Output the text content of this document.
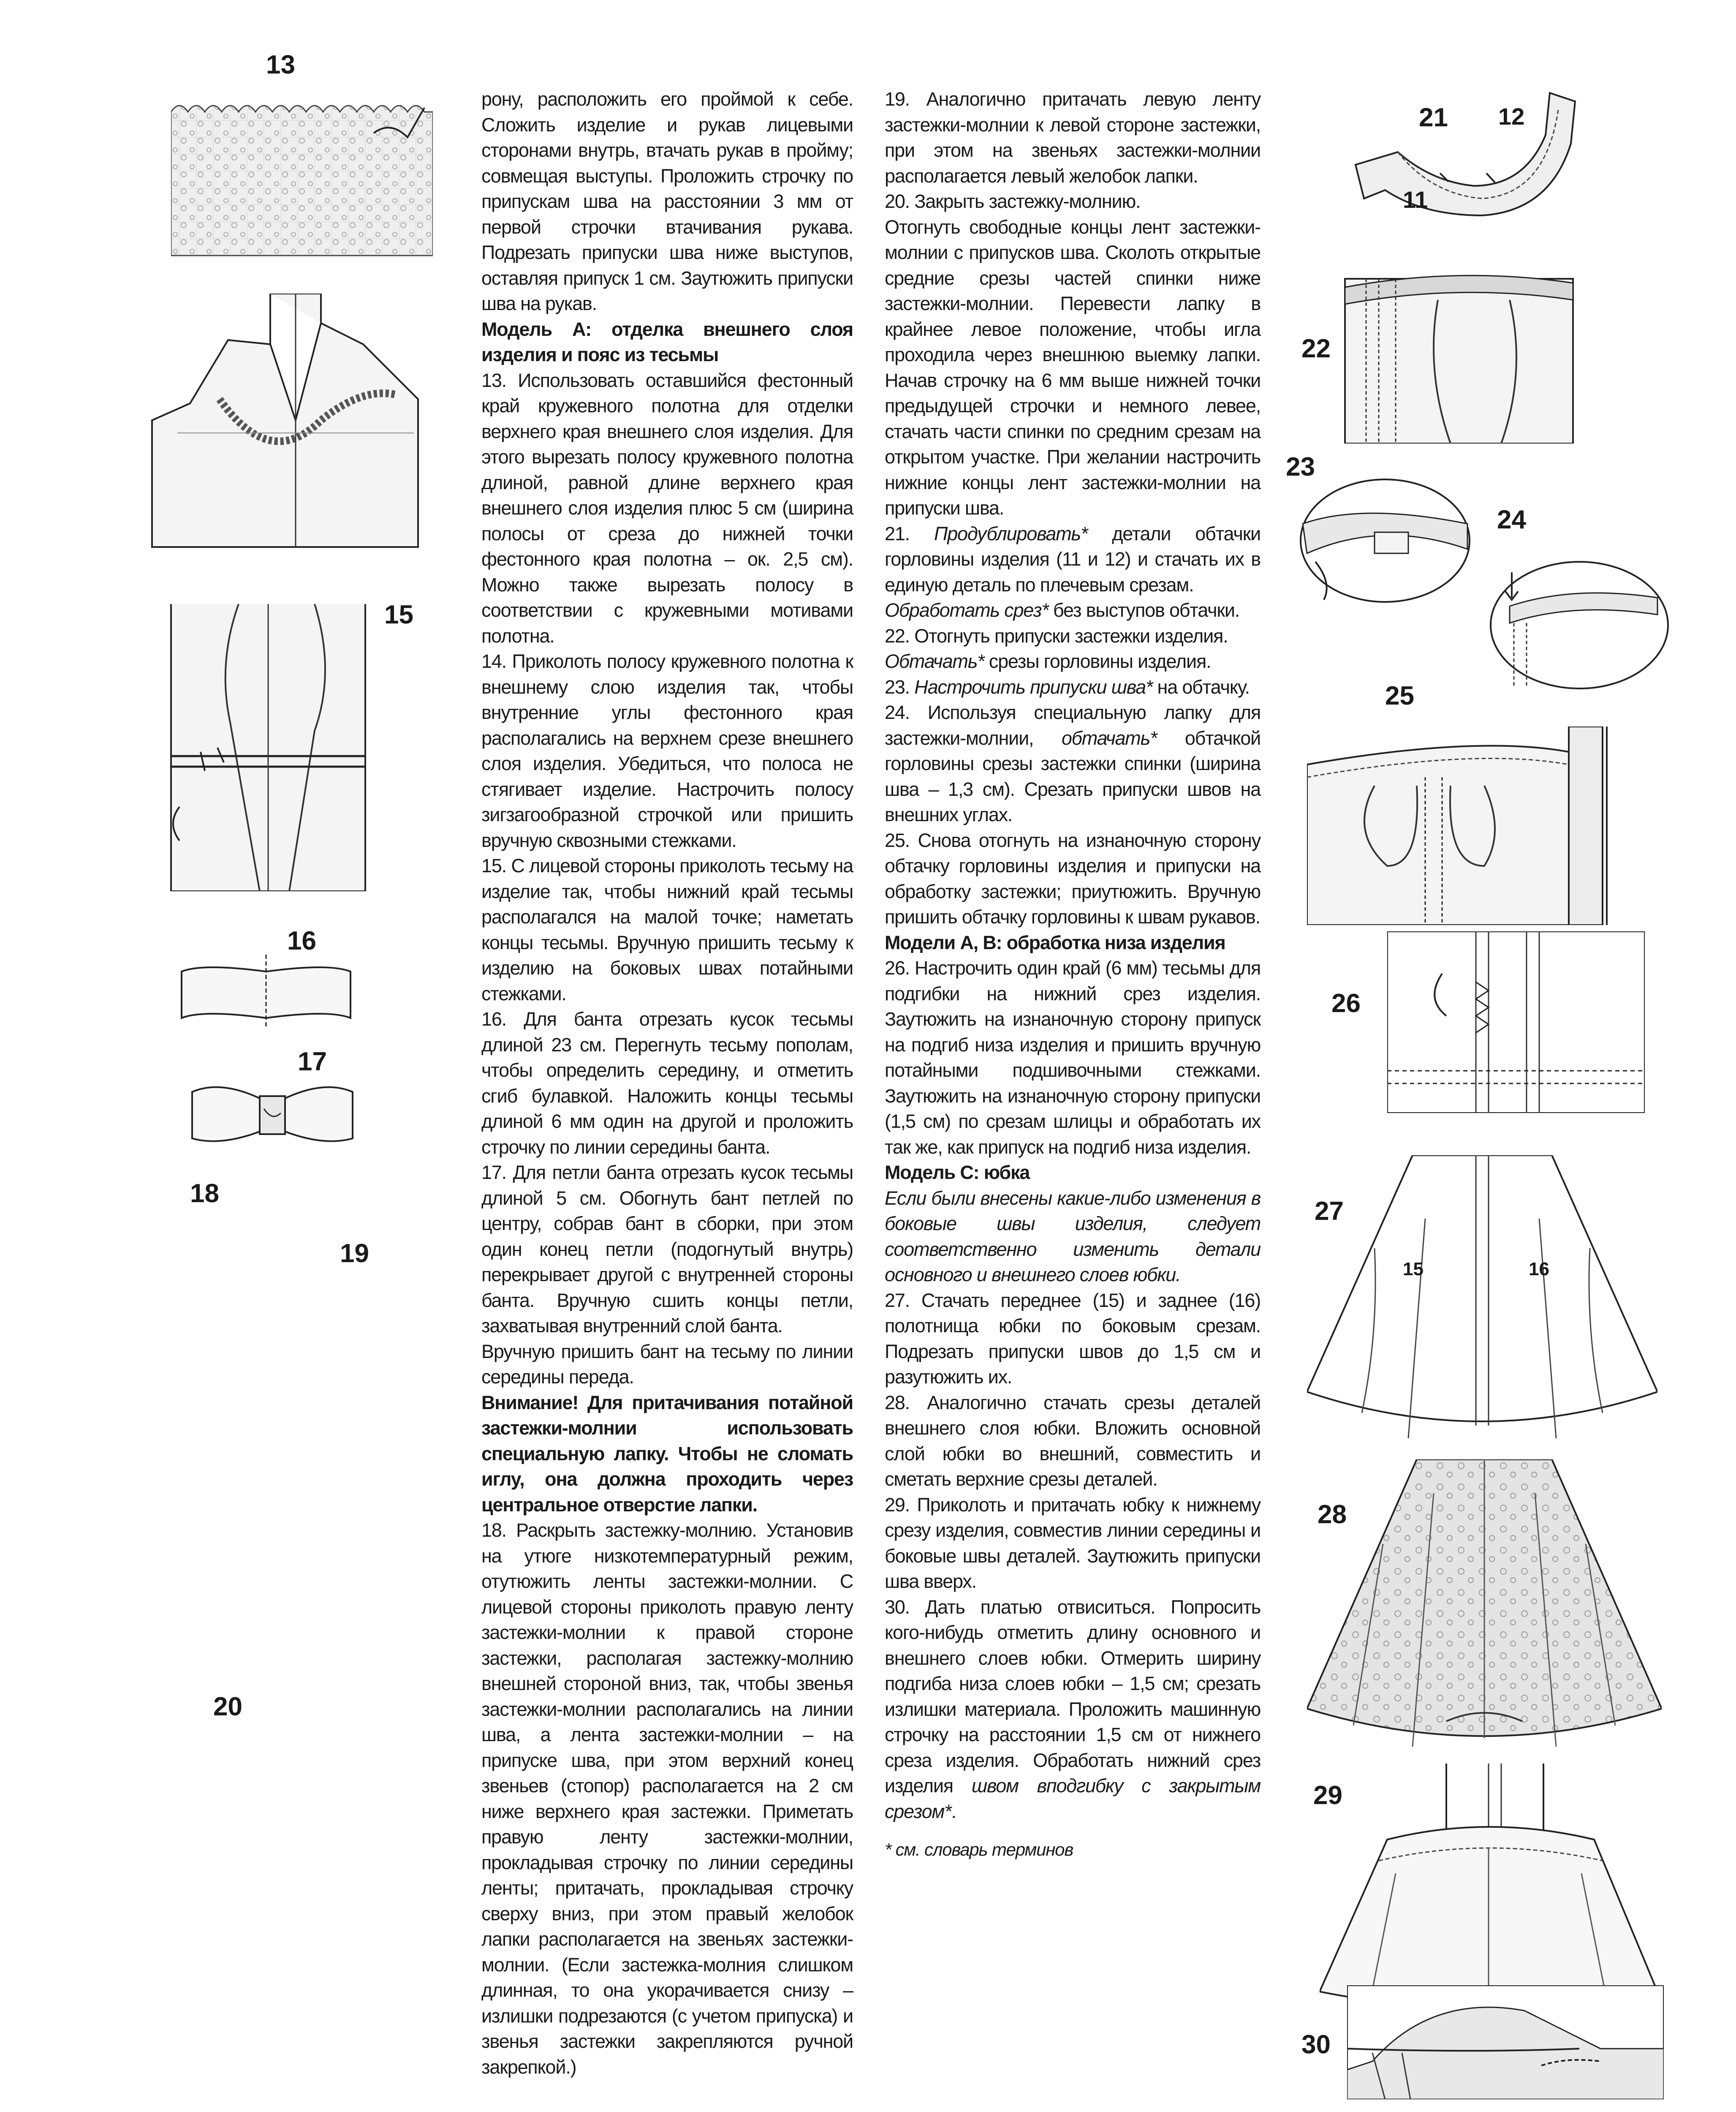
рону, расположить его проймой к себе. Сложить изделие и рукав лицевыми сторонами внутрь, втачать рукав в пройму; совмещая выступы. Проложить строчку по припускам шва на расстоянии 3 мм от первой строчки втачивания рукава. Подрезать припуски шва ниже выступов, оставляя припуск 1 см. Заутюжить припуски шва на рукав.

Модель А: отделка внешнего слоя изделия и пояс из тесьмы

13. Использовать оставшийся фестонный край кружевного полотна для отделки верхнего края внешнего слоя изделия. Для этого вырезать полосу кружевного полотна длиной, равной длине верхнего края внешнего слоя изделия плюс 5 см (ширина полосы от среза до нижней точки фестонного края полотна – ок. 2,5 см). Можно также вырезать полосу в соответствии с кружевными мотивами полотна.

14. Приколоть полосу кружевного полотна к внешнему слою изделия так, чтобы внутренние углы фестонного края располагались на верхнем срезе внешнего слоя изделия. Убедиться, что полоса не стягивает изделие. Настрочить полосу зигзагообразной строчкой или пришить вручную сквозными стежками.

15. С лицевой стороны приколоть тесьму на изделие так, чтобы нижний край тесьмы располагался на малой точке; наметать концы тесьмы. Вручную пришить тесьму к изделию на боковых швах потайными стежками.

16. Для банта отрезать кусок тесьмы длиной 23 см. Перегнуть тесьму пополам, чтобы определить середину, и отметить сгиб булавкой. Наложить концы тесьмы длиной 6 мм один на другой и проложить строчку по линии середины банта.

17. Для петли банта отрезать кусок тесьмы длиной 5 см. Обогнуть бант петлей по центру, собрав бант в сборки, при этом один конец петли (подогнутый внутрь) перекрывает другой с внутренней стороны банта. Вручную сшить концы петли, захватывая внутренний слой банта.

Вручную пришить бант на тесьму по линии середины переда.

Внимание! Для притачивания потайной застежки-молнии использовать специальную лапку. Чтобы не сломать иглу, она должна проходить через центральное отверстие лапки.

18. Раскрыть застежку-молнию. Установив на утюге низкотемпературный режим, отутюжить ленты застежки-молнии. С лицевой стороны приколоть правую ленту застежки-молнии к правой стороне застежки, располагая застежку-молнию внешней стороной вниз, так, чтобы звенья застежки-молнии располагались на линии шва, а лента застежки-молнии – на припуске шва, при этом верхний конец звеньев (стопор) располагается на 2 см ниже верхнего края застежки. Приметать правую ленту застежки-молнии, прокладывая строчку по линии середины ленты; притачать, прокладывая строчку сверху вниз, при этом правый желобок лапки располагается на звеньях застежки-молнии. (Если застежка-молния слишком длинная, то она укорачивается снизу – излишки подрезаются (с учетом припуска) и звенья застежки закрепляются ручной закрепкой.)

19. Аналогично притачать левую ленту застежки-молнии к левой стороне застежки, при этом на звеньях застежки-молнии располагается левый желобок лапки.

20. Закрыть застежку-молнию.

Отогнуть свободные концы лент застежки-молнии с припусков шва. Сколоть открытые средние срезы частей спинки ниже застежки-молнии. Перевести лапку в крайнее левое положение, чтобы игла проходила через внешнюю выемку лапки. Начав строчку на 6 мм выше нижней точки предыдущей строчки и немного левее, стачать части спинки по средним срезам на открытом участке. При желании настрочить нижние концы лент застежки-молнии на припуски шва.

21. Продублировать* детали обтачки горловины изделия (11 и 12) и стачать их в единую деталь по плечевым срезам.

Обработать срез* без выступов обтачки.

22. Отогнуть припуски застежки изделия.

Обтачать* срезы горловины изделия.

23. Настрочить припуски шва* на обтачку.

24. Используя специальную лапку для застежки-молнии, обтачать* обтачкой горловины срезы застежки спинки (ширина шва – 1,3 см). Срезать припуски швов на внешних углах.

25. Снова отогнуть на изнаночную сторону обтачку горловины изделия и припуски на обработку застежки; приутюжить. Вручную пришить обтачку горловины к швам рукавов.

Модели А, В: обработка низа изделия

26. Настрочить один край (6 мм) тесьмы для подгибки на нижний срез изделия. Заутюжить на изнаночную сторону припуск на подгиб низа изделия и пришить вручную потайными подшивочными стежками. Заутюжить на изнаночную сторону припуски (1,5 см) по срезам шлицы и обработать их так же, как припуск на подгиб низа изделия.

Модель С: юбка

Если были внесены какие-либо изменения в боковые швы изделия, следует соответственно изменить детали основного и внешнего слоев юбки.

27. Стачать переднее (15) и заднее (16) полотнища юбки по боковым срезам. Подрезать припуски швов до 1,5 см и разутюжить их.

28. Аналогично стачать срезы деталей внешнего слоя юбки. Вложить основной слой юбки во внешний, совместить и сметать верхние срезы деталей.

29. Приколоть и притачать юбку к нижнему срезу изделия, совместив линии середины и боковые швы деталей. Заутюжить припуски шва вверх.

30. Дать платью отвиситься. Попросить кого-нибудь отметить длину основного и внешнего слоев юбки. Отмерить ширину подгиба низа слоев юбки – 1,5 см; срезать излишки материала. Проложить машинную строчку на расстоянии 1,5 см от нижнего среза изделия. Обработать нижний срез изделия швом вподгибку с закрытым срезом*.

* см. словарь терминов

13
15
16
17
18
19
20
21
22
23
24
25
26
27
28
29
30
12
11
15	16
